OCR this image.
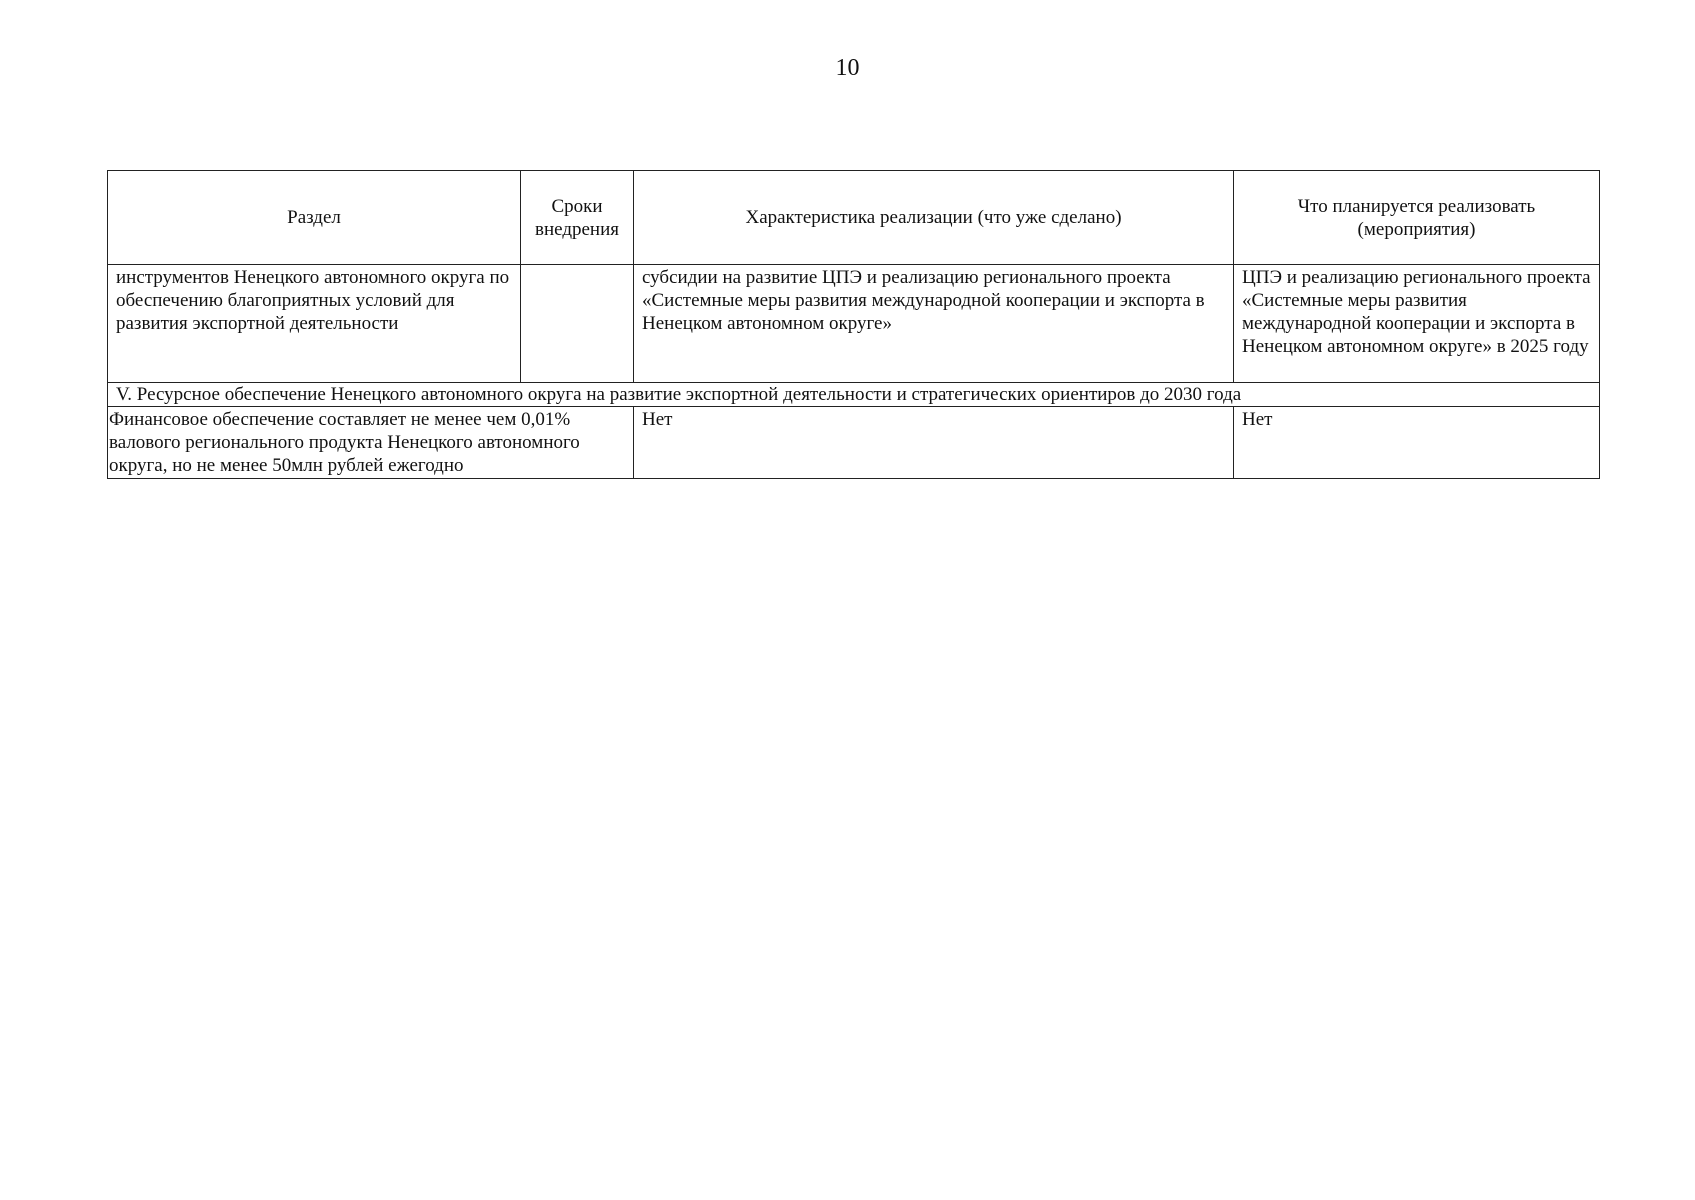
10
Раздел	Сроки внедрения	Характеристика реализации (что уже сделано)	Что планируется реализовать (мероприятия)
инструментов Ненецкого автономного округа по обеспечению благоприятных условий для развития экспортной деятельности		субсидии на развитие ЦПЭ и реализацию регионального проекта «Системные меры развития международной кооперации и экспорта в Ненецком автономном округе»	ЦПЭ и реализацию регионального проекта «Системные меры развития международной кооперации и экспорта в Ненецком автономном округе» в 2025 году
V. Ресурсное обеспечение Ненецкого автономного округа на развитие экспортной деятельности и стратегических ориентиров до 2030 года			
Финансовое обеспечение составляет не менее чем 0,01% валового регионального продукта Ненецкого автономного округа, но не менее 50млн рублей ежегодно		Нет	Нет
